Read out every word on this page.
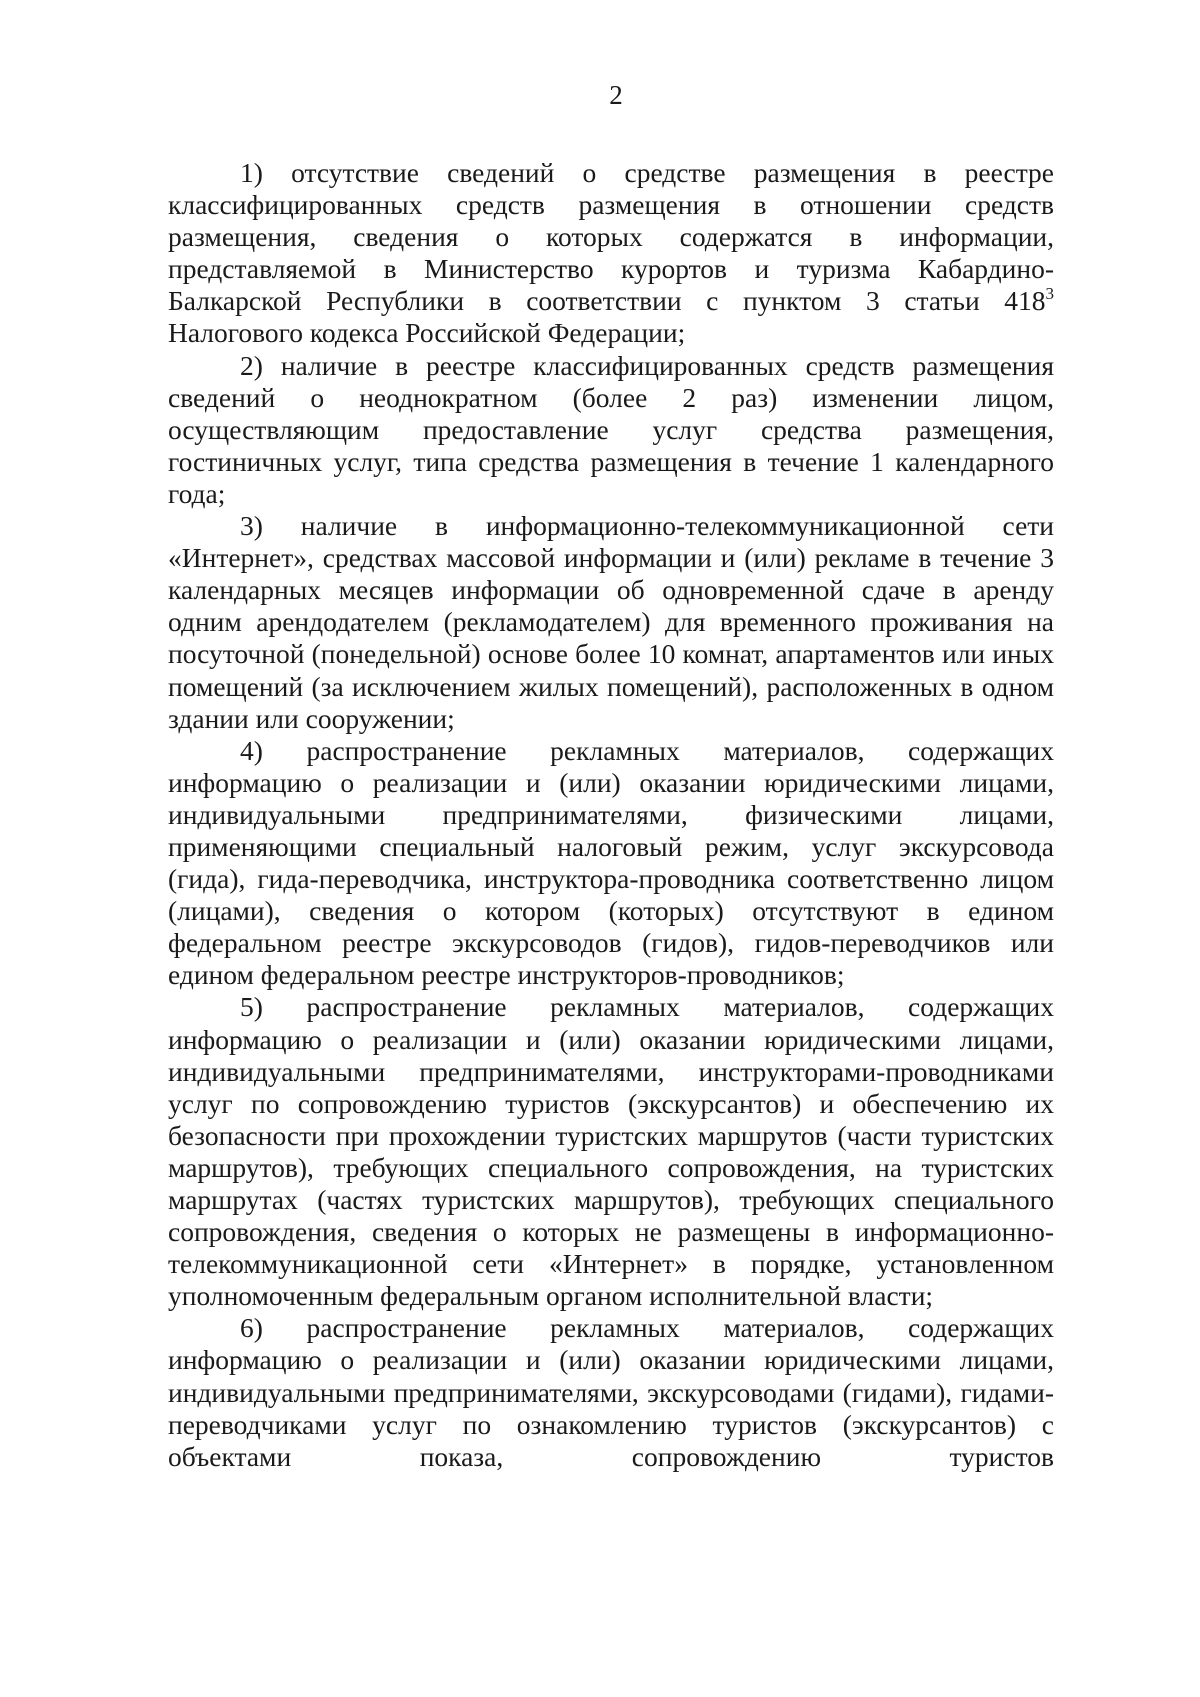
2

1) отсутствие сведений о средстве размещения в реестре классифицированных средств размещения в отношении средств размещения, сведения о которых содержатся в информации, представляемой в Министерство курортов и туризма Кабардино-Балкарской Республики в соответствии с пунктом 3 статьи $418^3$ Налогового кодекса Российской Федерации;

2) наличие в реестре классифицированных средств размещения сведений о неоднократном (более 2 раз) изменении лицом, осуществляющим предоставление услуг средства размещения, гостиничных услуг, типа средства размещения в течение 1 календарного года;

3) наличие в информационно-телекоммуникационной сети «Интернет», средствах массовой информации и (или) рекламе в течение 3 календарных месяцев информации об одновременной сдаче в аренду одним арендодателем (рекламодателем) для временного проживания на посуточной (понедельной) основе более 10 комнат, апартаментов или иных помещений (за исключением жилых помещений), расположенных в одном здании или сооружении;

4) распространение рекламных материалов, содержащих информацию о реализации и (или) оказании юридическими лицами, индивидуальными предпринимателями, физическими лицами, применяющими специальный налоговый режим, услуг экскурсовода (гида), гида-переводчика, инструктора-проводника соответственно лицом (лицами), сведения о котором (которых) отсутствуют в едином федеральном реестре экскурсоводов (гидов), гидов-переводчиков или едином федеральном реестре инструкторов-проводников;

5) распространение рекламных материалов, содержащих информацию о реализации и (или) оказании юридическими лицами, индивидуальными предпринимателями, инструкторами-проводниками услуг по сопровождению туристов (экскурсантов) и обеспечению их безопасности при прохождении туристских маршрутов (части туристских маршрутов), требующих специального сопровождения, на туристских маршрутах (частях туристских маршрутов), требующих специального сопровождения, сведения о которых не размещены в информационно-телекоммуникационной сети «Интернет» в порядке, установленном уполномоченным федеральным органом исполнительной власти;

6) распространение рекламных материалов, содержащих информацию о реализации и (или) оказании юридическими лицами, индивидуальными предпринимателями, экскурсоводами (гидами), гидами-переводчиками услуг по ознакомлению туристов (экскурсантов) с объектами показа, сопровождению туристов
